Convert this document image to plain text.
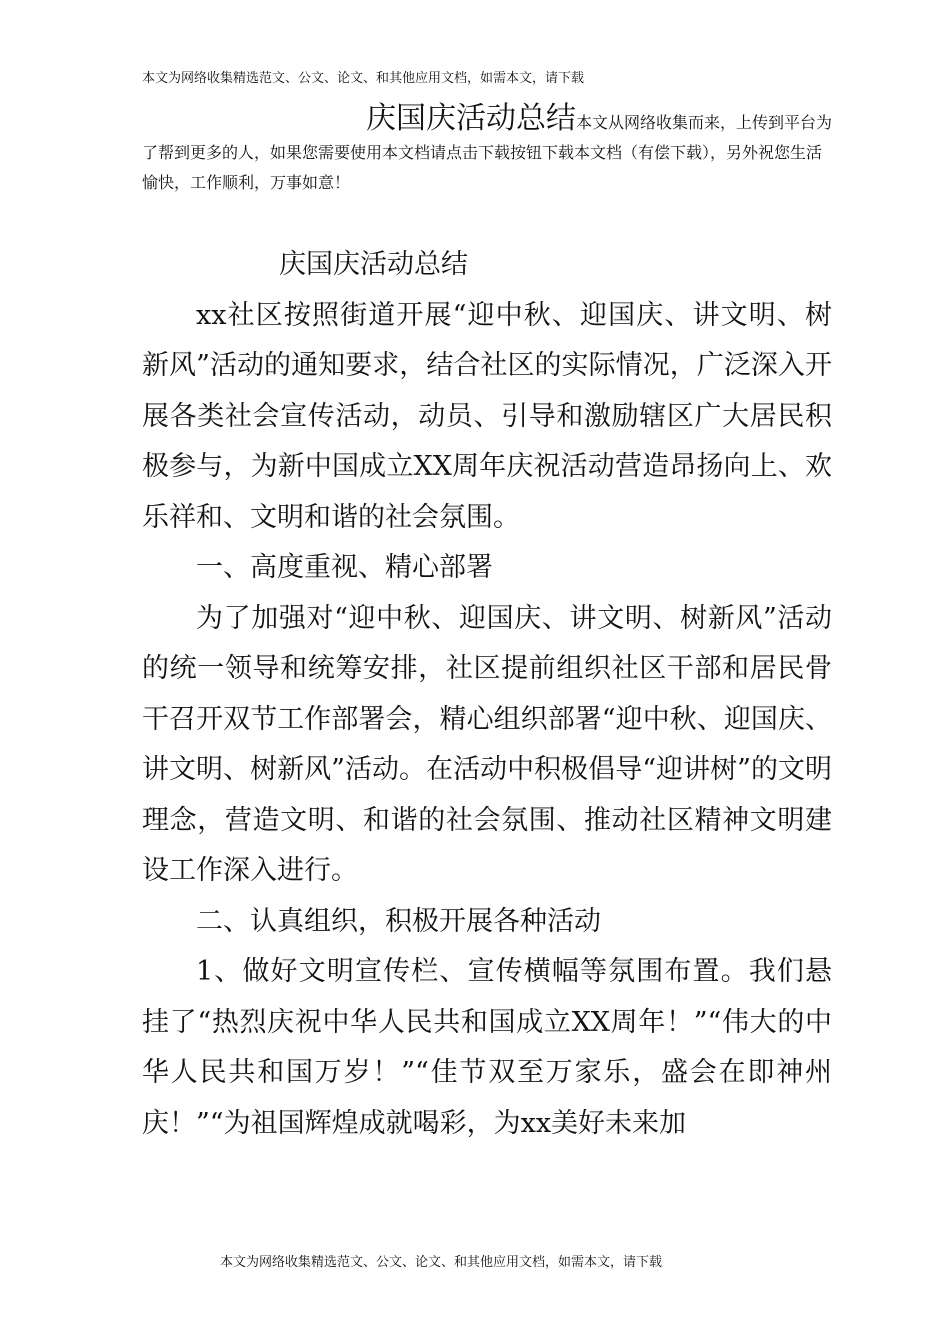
本文为网络收集精选范文、公文、论文、和其他应用文档，如需本文，请下载
庆国庆活动总结本文从网络收集而来，上传到平台为了帮到更多的人，如果您需要使用本文档请点击下载按钮下载本文档（有偿下载），另外祝您生活愉快，工作顺利，万事如意！

庆国庆活动总结

xx社区按照街道开展“迎中秋、迎国庆、讲文明、树新风”活动的通知要求，结合社区的实际情况，广泛深入开展各类社会宣传活动，动员、引导和激励辖区广大居民积极参与，为新中国成立XX周年庆祝活动营造昂扬向上、欢乐祥和、文明和谐的社会氛围。

一、高度重视、精心部署

为了加强对“迎中秋、迎国庆、讲文明、树新风”活动的统一领导和统筹安排，社区提前组织社区干部和居民骨干召开双节工作部署会，精心组织部署“迎中秋、迎国庆、讲文明、树新风”活动。在活动中积极倡导“迎讲树”的文明理念，营造文明、和谐的社会氛围、推动社区精神文明建设工作深入进行。

二、认真组织，积极开展各种活动

1、做好文明宣传栏、宣传横幅等氛围布置。我们悬挂了“热烈庆祝中华人民共和国成立XX周年！”“伟大的中华人民共和国万岁！”“佳节双至万家乐，盛会在即神州庆！”“为祖国辉煌成就喝彩，为xx美好未来加

本文为网络收集精选范文、公文、论文、和其他应用文档，如需本文，请下载
